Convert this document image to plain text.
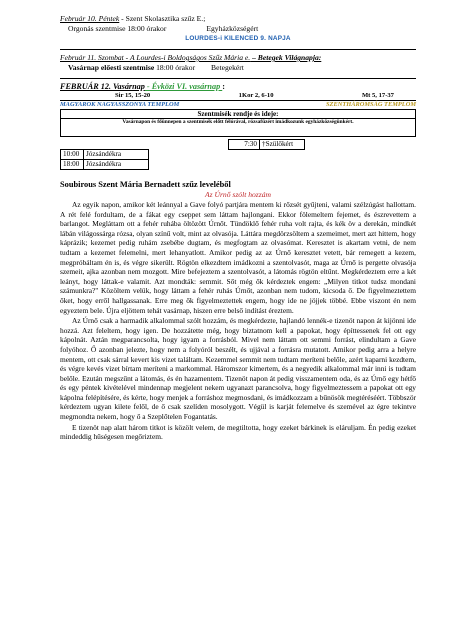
Február 10. Péntek - Szent Skolasztika szűz E.;
Orgonás szentmise 18:00 órakor	Egyházközségért
LOURDES-i KILENCED 9. NAPJA
Február 11. Szombat - A Lourdes-i Boldogságos Szűz Mária e. – Betegek Világnapja:
Vasárnap előesti szentmise 18:00 órakor Betegekért
FEBRUÁR 12. Vasárnap - Évközi VI. vasárnap :
Sir 15, 15-20	1Kor 2, 6-10	Mt 5, 17-37
MAGYAROK NAGYASSZONYA TEMPLOM	SZENTHÁROMSÁG TEMPLOM
Szentmisék rendje és ideje:
Vasárnapon és főünnepen a szentmisék előtt félórával, rózsafüzért imádkozunk egyházközségünkért.
7:30	†Szülőkért
10:00	Józsándékra
18:00	Józsándékra
Soubirous Szent Mária Bernadett szűz leveléből
Az Úrnő szólt hozzám

Az egyik napon, amikor két leánnyal a Gave folyó partjára mentem ki rőzsét gyűjteni, valami szélzúgást hallottam. A rét felé fordultam, de a fákat egy cseppet sem láttam hajlongani. Ekkor fölemeltem fejemet, és észrevettem a barlangot. Megláttam ott a fehér ruhába öltözött Úrnőt. Tündöklő fehér ruha volt rajta, és kék öv a derekán, mindkét lábán világossárga rózsa, olyan színű volt, mint az olvasója. Láttára megdörzsöltem a szemeimet, mert azt hittem, hogy káprázik; kezemet pedig ruhám zsebébe dugtam, és megfogtam az olvasómat. Keresztet is akartam vetni, de nem tudtam a kezemet felemelni, mert lehanyatlott. Amikor pedig az az Úrnő keresztet vetett, bár remegett a kezem, megpróbáltam én is, és végre sikerült. Rögtön elkezdtem imádkozni a szentolvasót, maga az Úrnő is pergette olvasója szemeit, ajka azonban nem mozgott. Mire befejeztem a szentolvasót, a látomás rögtön eltűnt. Megkérdeztem erre a két leányt, hogy láttak-e valamit. Azt mondták: semmit. Sőt még ők kérdeztek engem: „Milyen titkot tudsz mondani számunkra?" Közöltem velük, hogy láttam a fehér ruhás Úrnőt, azonban nem tudom, kicsoda ő. De figyelmeztettem őket, hogy erről hallgassanak. Erre meg ők figyelmeztettek engem, hogy ide ne jöjjek többé. Ebbe viszont én nem egyeztem bele. Újra eljöttem tehát vasárnap, hiszen erre belső indítást éreztem.

Az Úrnő csak a harmadik alkalommal szólt hozzám, és megkérdezte, hajlandó lennék-e tizenöt napon át kijönni ide hozzá. Azt feleltem, hogy igen. De hozzátette még, hogy biztatnom kell a papokat, hogy építtessenek fel ott egy kápolnát. Aztán megparancsolta, hogy igyam a forrásból. Mivel nem láttam ott semmi forrást, elindultam a Gave folyóhoz. Ő azonban jelezte, hogy nem a folyóról beszélt, és ujjával a forrásra mutatott. Amikor pedig arra a helyre mentem, ott csak sárral kevert kis vizet találtam. Kezemmel semmit nem tudtam meríteni belőle, azért kaparni kezdtem, és végre kevés vizet bírtam meríteni a markommal. Háromszor kimertem, és a negyedik alkalommal már inni is tudtam belőle. Ezután megszűnt a látomás, és én hazamentem. Tizenöt napon át pedig visszamentem oda, és az Úrnő egy hétfő és egy péntek kivételével mindennap megjelent nekem ugyanazt parancsolva, hogy figyelmeztessem a papokat ott egy kápolna felépítésére, és kérte, hogy menjek a forráshoz megmosdani, és imádkozzam a bűnösök megtéréséért. Többször kérdeztem ugyan kilete felől, de ő csak szelíden mosolygott. Végül is karját felemelve és szemével az égre tekintve megmondta nekem, hogy ő a Szeplőtelen Fogantatás.

E tizenöt nap alatt három titkot is közölt velem, de megtiltotta, hogy ezeket bárkinek is eláruljam. Én pedig ezeket mindeddig hűségesen megőriztem.
